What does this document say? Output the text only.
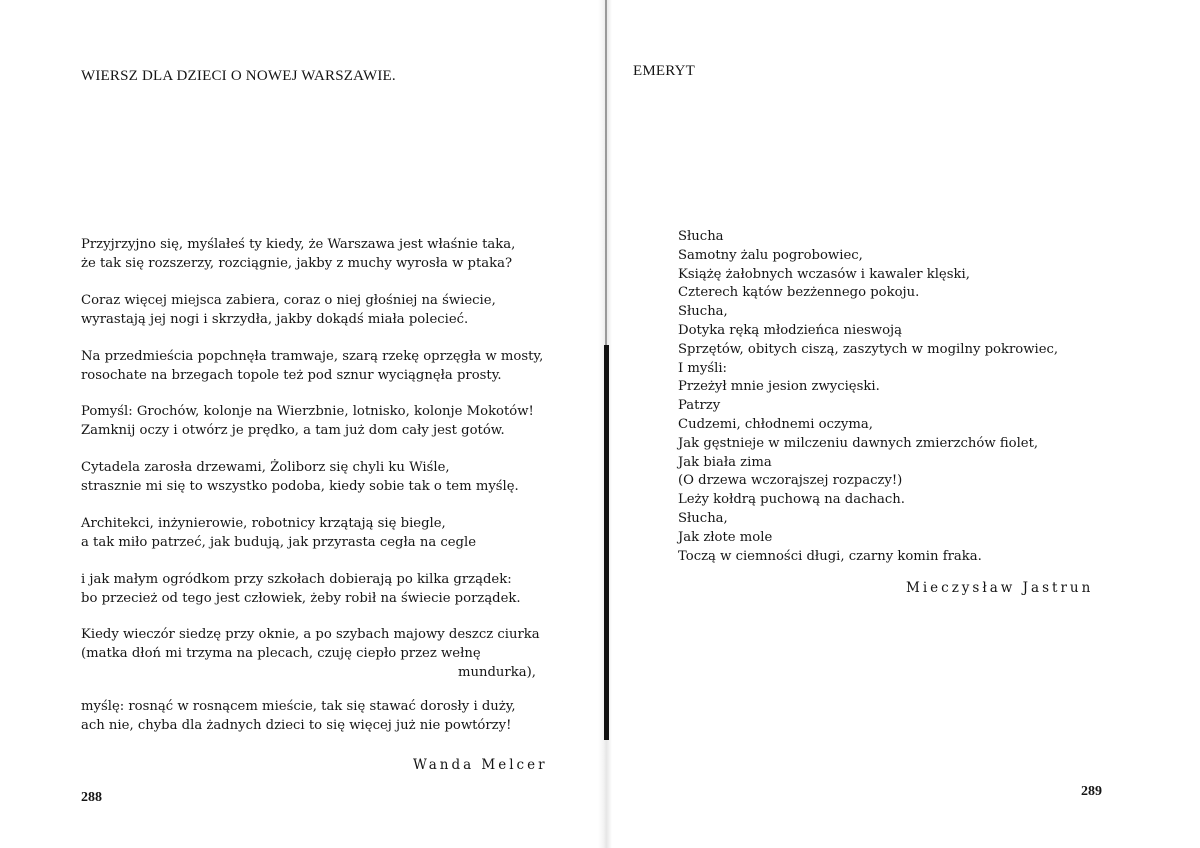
WIERSZ DLA DZIECI O NOWEJ WARSZAWIE.

Przyjrzyjno się, myślałeś ty kiedy, że Warszawa jest właśnie taka,
że tak się rozszerzy, rozciągnie, jakby z muchy wyrosła w ptaka?

Coraz więcej miejsca zabiera, coraz o niej głośniej na świecie,
wyrastają jej nogi i skrzydła, jakby dokądś miała polecieć.

Na przedmieścia popchnęła tramwaje, szarą rzekę oprzęgła w mosty,
rosochate na brzegach topole też pod sznur wyciągnęła prosty.

Pomyśl: Grochów, kolonje na Wierzbnie, lotnisko, kolonje Mokotów!
Zamknij oczy i otwórz je prędko, a tam już dom cały jest gotów.

Cytadela zarosła drzewami, Żoliborz się chyli ku Wiśle,
strasznie mi się to wszystko podoba, kiedy sobie tak o tem myślę.

Architekci, inżynierowie, robotnicy krzątają się biegle,
a tak miło patrzeć, jak budują, jak przyrasta cegła na cegle

i jak małym ogródkom przy szkołach dobierają po kilka grządek:
bo przecież od tego jest człowiek, żeby robił na świecie porządek.

Kiedy wieczór siedzę przy oknie, a po szybach majowy deszcz ciurka
(matka dłoń mi trzyma na plecach, czuję ciepło przez wełnę
mundurka),

myślę: rosnąć w rosnącem mieście, tak się stawać dorosły i duży,
ach nie, chyba dla żadnych dzieci to się więcej już nie powtórzy!

Wanda Melcer
288
EMERYT
Słucha
Samotny żalu pogrobowiec,
Książę żałobnych wczasów i kawaler klęski,
Czterech kątów bezżennego pokoju.
Słucha,
Dotyka ręką młodzieńca nieswoją
Sprzętów, obitych ciszą, zaszytych w mogilny pokrowiec,
I myśli:
Przeżył mnie jesion zwycięski.
Patrzy
Cudzemi, chłodnemi oczyma,
Jak gęstnieje w milczeniu dawnych zmierzchów fiolet,
Jak biała zima
(O drzewa wczorajszej rozpaczy!)
Leży kołdrą puchową na dachach.
Słucha,
Jak złote mole
Toczą w ciemności długi, czarny komin fraka.
Mieczysław Jastrun
289
